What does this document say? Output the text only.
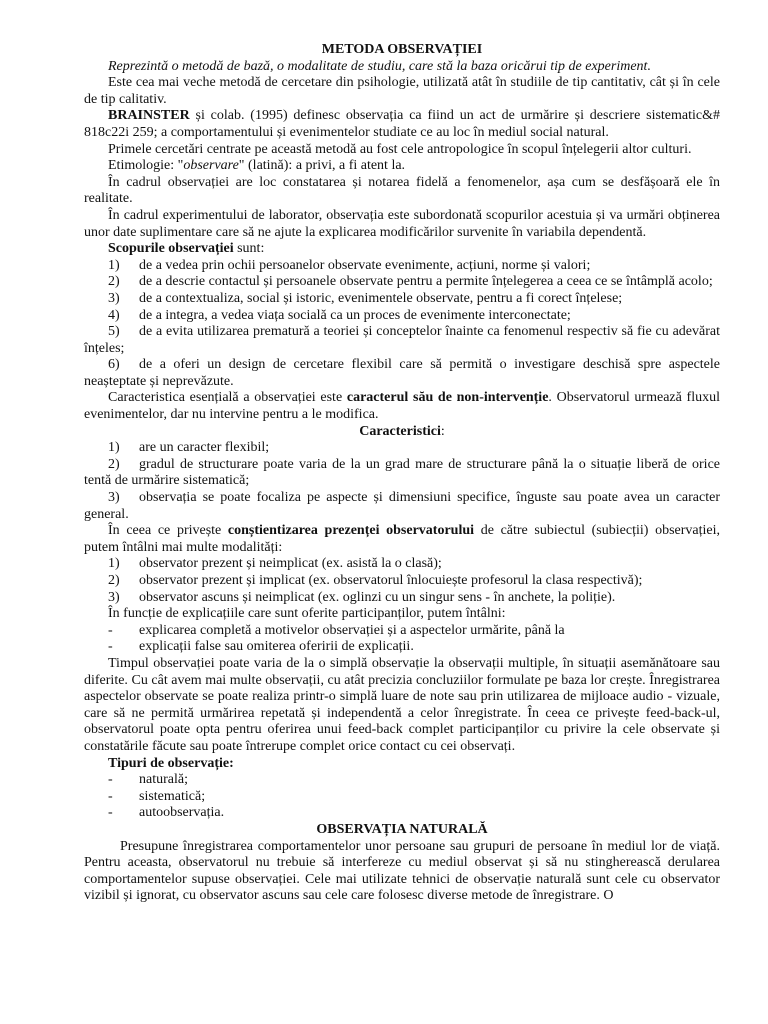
METODA OBSERVAȚIEI

Reprezintă o metodă de bază, o modalitate de studiu, care stă la baza oricărui tip de experiment.

Este cea mai veche metodă de cercetare din psihologie, utilizată atât în studiile de tip cantitativ, cât și în cele de tip calitativ.

BRAINSTER și colab. (1995) definesc observația ca fiind un act de urmărire și descriere sistematic&# 818c22i 259; a comportamentului și evenimentelor studiate ce au loc în mediul social natural.

Primele cercetări centrate pe această metodă au fost cele antropologice în scopul înțelegerii altor culturi.

Etimologie: "observare" (latină): a privi, a fi atent la.

În cadrul observației are loc constatarea și notarea fidelă a fenomenelor, așa cum se desfășoară ele în realitate.

În cadrul experimentului de laborator, observația este subordonată scopurilor acestuia și va urmări obținerea unor date suplimentare care să ne ajute la explicarea modificărilor survenite în variabila dependentă.

Scopurile observației sunt:

1) de a vedea prin ochii persoanelor observate evenimente, acțiuni, norme și valori;

2) de a descrie contactul și persoanele observate pentru a permite înțelegerea a ceea ce se întâmplă acolo;

3) de a contextualiza, social și istoric, evenimentele observate, pentru a fi corect înțelese;

4) de a integra, a vedea viața socială ca un proces de evenimente interconectate;

5) de a evita utilizarea prematură a teoriei și conceptelor înainte ca fenomenul respectiv să fie cu adevărat înțeles;

6) de a oferi un design de cercetare flexibil care să permită o investigare deschisă spre aspectele neașteptate și neprevăzute.

Caracteristica esențială a observației este caracterul său de non-intervenție. Observatorul urmează fluxul evenimentelor, dar nu intervine pentru a le modifica.

Caracteristici:

1) are un caracter flexibil;

2) gradul de structurare poate varia de la un grad mare de structurare până la o situație liberă de orice tentă de urmărire sistematică;

3) observația se poate focaliza pe aspecte și dimensiuni specifice, înguste sau poate avea un caracter general.

În ceea ce privește conștientizarea prezenței observatorului de către subiectul (subiecții) observației, putem întâlni mai multe modalități:

1) observator prezent și neimplicat (ex. asistă la o clasă);

2) observator prezent și implicat (ex. observatorul înlocuiește profesorul la clasa respectivă);

3) observator ascuns și neimplicat (ex. oglinzi cu un singur sens - în anchete, la poliție).

În funcție de explicațiile care sunt oferite participanților, putem întâlni:

- explicarea completă a motivelor observației și a aspectelor urmărite, până la

- explicații false sau omiterea oferirii de explicații.

Timpul observației poate varia de la o simplă observație la observații multiple, în situații asemănătoare sau diferite. Cu cât avem mai multe observații, cu atât precizia concluziilor formulate pe baza lor crește. Înregistrarea aspectelor observate se poate realiza printr-o simplă luare de note sau prin utilizarea de mijloace audio - vizuale, care să ne permită urmărirea repetată și independentă a celor înregistrate. În ceea ce privește feed-back-ul, observatorul poate opta pentru oferirea unui feed-back complet participanților cu privire la cele observate și constatările făcute sau poate întrerupe complet orice contact cu cei observați.

Tipuri de observație:

- naturală;

- sistematică;

- autoobservația.

OBSERVAȚIA NATURALĂ

Presupune înregistrarea comportamentelor unor persoane sau grupuri de persoane în mediul lor de viață. Pentru aceasta, observatorul nu trebuie să interfereze cu mediul observat și să nu stingherească derularea comportamentelor supuse observației. Cele mai utilizate tehnici de observație naturală sunt cele cu observator vizibil și ignorat, cu observator ascuns sau cele care folosesc diverse metode de înregistrare. O
